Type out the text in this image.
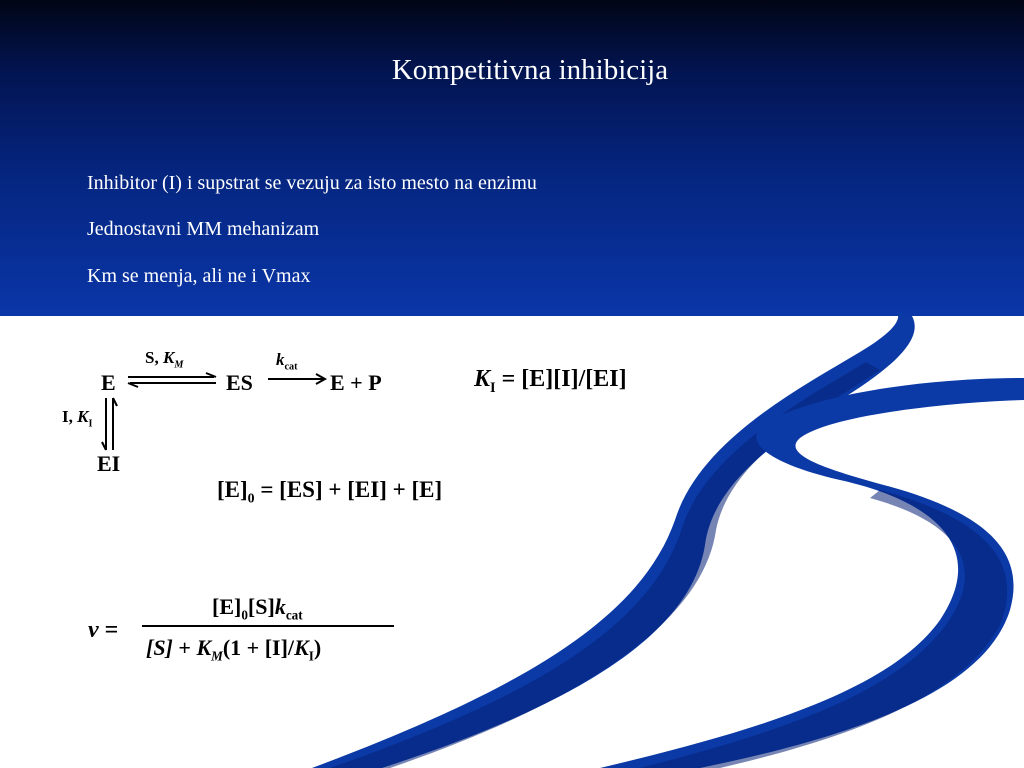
Kompetitivna inhibicija
Inhibitor (I) i supstrat se vezuju za isto mesto na enzimu
Jednostavni MM mehanizam
Km se menja, ali ne i Vmax
E
S, $K_M$
ES
$k_{cat}$
E + P
I, $K_I$
EI
$K_I = [E][I]/[EI]$
$[E]_0 = [ES] + [EI] + [E]$
v =
$[E]_0[S]k_{cat}$
$[S] + K_M(1 + [I]/K_I)$
